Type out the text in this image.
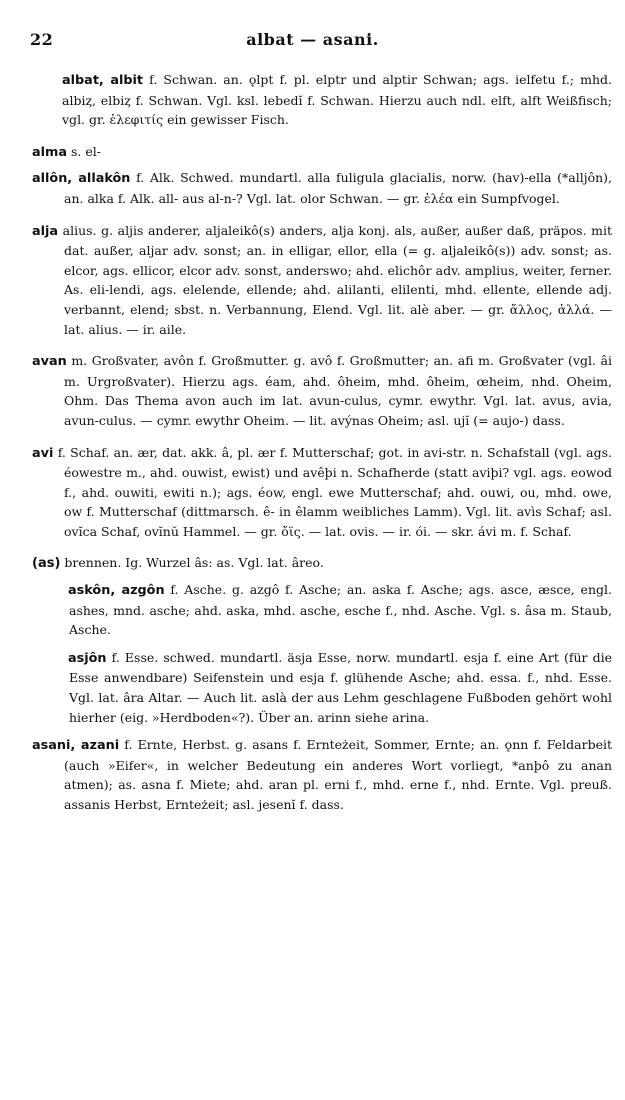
22	albat — asani.

albat, albit f. Schwan. an. ǫlpt f. pl. elptr und alptir Schwan; ags. ielfetu f.; mhd. albiȥ, elbiȥ f. Schwan. Vgl. ksl. lebedĭ f. Schwan. Hierzu auch ndl. elft, alft Weißfisch; vgl. gr. ἐλεφιτίς ein gewisser Fisch.

alma s. el-

allôn, allakôn f. Alk. Schwed. mundartl. alla fuligula glacialis, norw. (hav)-ella (*alljôn), an. alka f. Alk. all- aus al-n-? Vgl. lat. olor Schwan. — gr. ἐλέα ein Sumpfvogel.

alja alius. g. aljis anderer, aljaleikô(s) anders, alja konj. als, außer, außer daß, präpos. mit dat. außer, aljar adv. sonst; an. in elligar, ellor, ella (= g. aljaleikô(s)) adv. sonst; as. elcor, ags. ellicor, elcor adv. sonst, anderswo; ahd. elichôr adv. amplius, weiter, ferner. As. eli-lendi, ags. elelende, ellende; ahd. alilanti, elilenti, mhd. ellente, ellende adj. verbannt, elend; sbst. n. Verbannung, Elend. Vgl. lit. alè aber. — gr. ἄλλος, ἀλλά. — lat. alius. — ir. aile.

avan m. Großvater, avôn f. Großmutter. g. avô f. Großmutter; an. afi m. Großvater (vgl. âi m. Urgroßvater). Hierzu ags. éam, ahd. ôheim, mhd. ôheim, œheim, nhd. Oheim, Ohm. Das Thema avon auch im lat. avun-culus, cymr. ewythr. Vgl. lat. avus, avia, avun-culus. — cymr. ewythr Oheim. — lit. avýnas Oheim; asl. ujĭ (= aujo-) dass.

avi f. Schaf. an. ær, dat. akk. â, pl. ær f. Mutterschaf; got. in avi-str. n. Schafstall (vgl. ags. éowestre m., ahd. ouwist, ewist) und avêþi n. Schafherde (statt aviþi? vgl. ags. eowod f., ahd. ouwiti, ewiti n.); ags. éow, engl. ewe Mutterschaf; ahd. ouwi, ou, mhd. owe, ow f. Mutterschaf (dittmarsch. ê- in êlamm weibliches Lamm). Vgl. lit. avìs Schaf; asl. ovĭca Schaf, ovĭnŭ Hammel. — gr. ὄϊς. — lat. ovis. — ir. ói. — skr. ávi m. f. Schaf.

(as) brennen. Ig. Wurzel âs: as. Vgl. lat. âreo.

askôn, azgôn f. Asche. g. azgô f. Asche; an. aska f. Asche; ags. asce, æsce, engl. ashes, mnd. asche; ahd. aska, mhd. asche, esche f., nhd. Asche. Vgl. s. âsa m. Staub, Asche.

asjôn f. Esse. schwed. mundartl. äsja Esse, norw. mundartl. esja f. eine Art (für die Esse anwendbare) Seifenstein und esja f. glühende Asche; ahd. essa. f., nhd. Esse. Vgl. lat. âra Altar. — Auch lit. aslà der aus Lehm geschlagene Fußboden gehört wohl hierher (eig. »Herdboden«?). Über an. arinn siehe arina.

asani, azani f. Ernte, Herbst. g. asans f. Ernteżeit, Sommer, Ernte; an. ǫnn f. Feldarbeit (auch »Eifer«, in welcher Bedeutung ein anderes Wort vorliegt, *anþô zu anan atmen); as. asna f. Miete; ahd. aran pl. erni f., mhd. erne f., nhd. Ernte. Vgl. preuß. assanis Herbst, Ernteżeit; asl. jesenĭ f. dass.
